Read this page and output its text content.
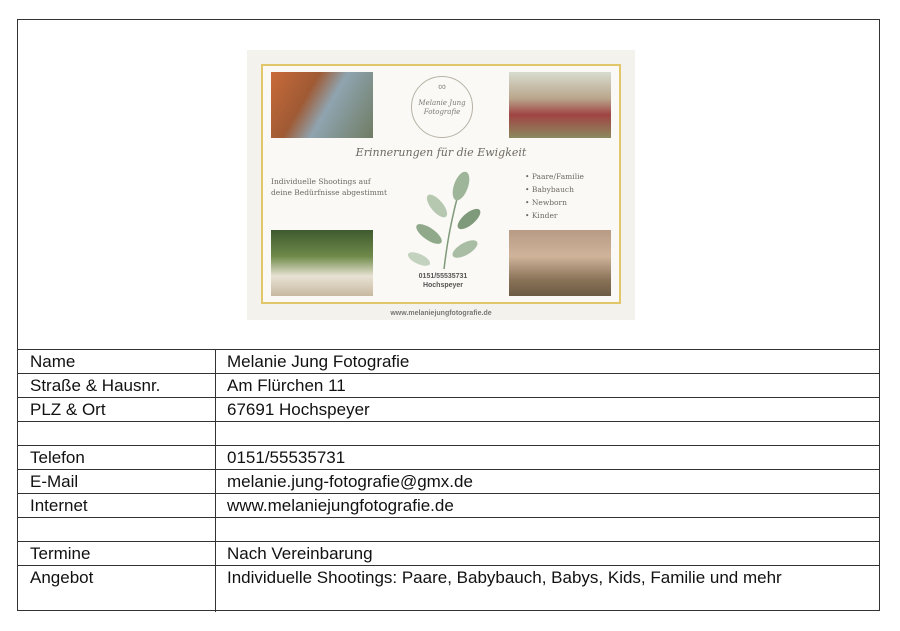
∞
Melanie Jung
Fotografie
Erinnerungen für die Ewigkeit
Individuelle Shootings auf deine Bedürfnisse abgestimmt
• Paare/Familie
• Babybauch
• Newborn
• Kinder
0151/55535731
Hochspeyer
www.melaniejungfotografie.de
Name	Melanie Jung Fotografie
Straße & Hausnr.	Am Flürchen 11
PLZ & Ort	67691 Hochspeyer
Telefon	0151/55535731
E-Mail	melanie.jung-fotografie@gmx.de
Internet	www.melaniejungfotografie.de
Termine	Nach Vereinbarung
Angebot	Individuelle Shootings: Paare, Babybauch, Babys, Kids, Familie und mehr
